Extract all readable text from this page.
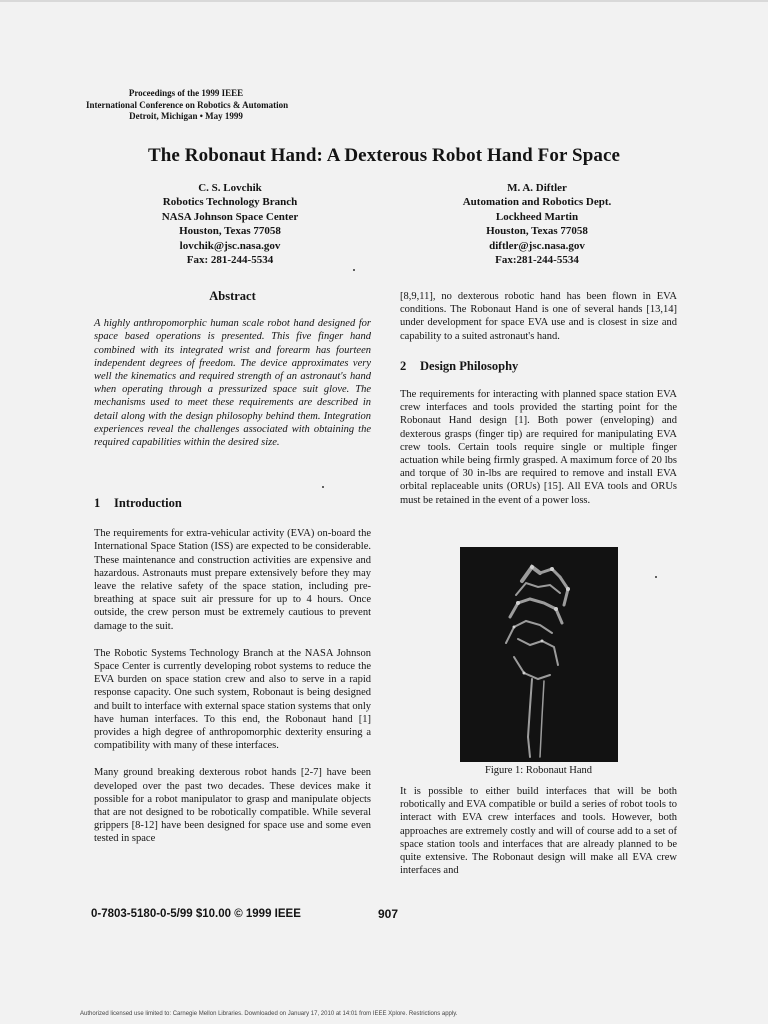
Proceedings of the 1999 IEEE
International Conference on Robotics & Automation
Detroit, Michigan • May 1999
The Robonaut Hand: A Dexterous Robot Hand For Space
C. S. Lovchik
Robotics Technology Branch
NASA Johnson Space Center
Houston, Texas 77058
lovchik@jsc.nasa.gov
Fax: 281-244-5534
M. A. Diftler
Automation and Robotics Dept.
Lockheed Martin
Houston, Texas 77058
diftler@jsc.nasa.gov
Fax:281-244-5534
Abstract
A highly anthropomorphic human scale robot hand designed for space based operations is presented. This five finger hand combined with its integrated wrist and forearm has fourteen independent degrees of freedom. The device approximates very well the kinematics and required strength of an astronaut's hand when operating through a pressurized space suit glove. The mechanisms used to meet these requirements are described in detail along with the design philosophy behind them. Integration experiences reveal the challenges associated with obtaining the required capabilities within the desired size.
1 Introduction

The requirements for extra-vehicular activity (EVA) on-board the International Space Station (ISS) are expected to be considerable. These maintenance and construction activities are expensive and hazardous. Astronauts must prepare extensively before they may leave the relative safety of the space station, including pre-breathing at space suit air pressure for up to 4 hours. Once outside, the crew person must be extremely cautious to prevent damage to the suit.

The Robotic Systems Technology Branch at the NASA Johnson Space Center is currently developing robot systems to reduce the EVA burden on space station crew and also to serve in a rapid response capacity. One such system, Robonaut is being designed and built to interface with external space station systems that only have human interfaces. To this end, the Robonaut hand [1] provides a high degree of anthropomorphic dexterity ensuring a compatibility with many of these interfaces.

Many ground breaking dexterous robot hands [2-7] have been developed over the past two decades. These devices make it possible for a robot manipulator to grasp and manipulate objects that are not designed to be robotically compatible. While several grippers [8-12] have been designed for space use and some even tested in space

[8,9,11], no dexterous robotic hand has been flown in EVA conditions. The Robonaut Hand is one of several hands [13,14] under development for space EVA use and is closest in size and capability to a suited astronaut's hand.

2 Design Philosophy

The requirements for interacting with planned space station EVA crew interfaces and tools provided the starting point for the Robonaut Hand design [1]. Both power (enveloping) and dexterous grasps (finger tip) are required for manipulating EVA crew tools. Certain tools require single or multiple finger actuation while being firmly grasped. A maximum force of 20 lbs and torque of 30 in-lbs are required to remove and install EVA orbital replaceable units (ORUs) [15]. All EVA tools and ORUs must be retained in the event of a power loss.

Figure 1: Robonaut Hand

It is possible to either build interfaces that will be both robotically and EVA compatible or build a series of robot tools to interact with EVA crew interfaces and tools. However, both approaches are extremely costly and will of course add to a set of space station tools and interfaces that are already planned to be quite extensive. The Robonaut design will make all EVA crew interfaces and

0-7803-5180-0-5/99 $10.00 © 1999 IEEE	907
Authorized licensed use limited to: Carnegie Mellon Libraries. Downloaded on January 17, 2010 at 14:01 from IEEE Xplore. Restrictions apply.
